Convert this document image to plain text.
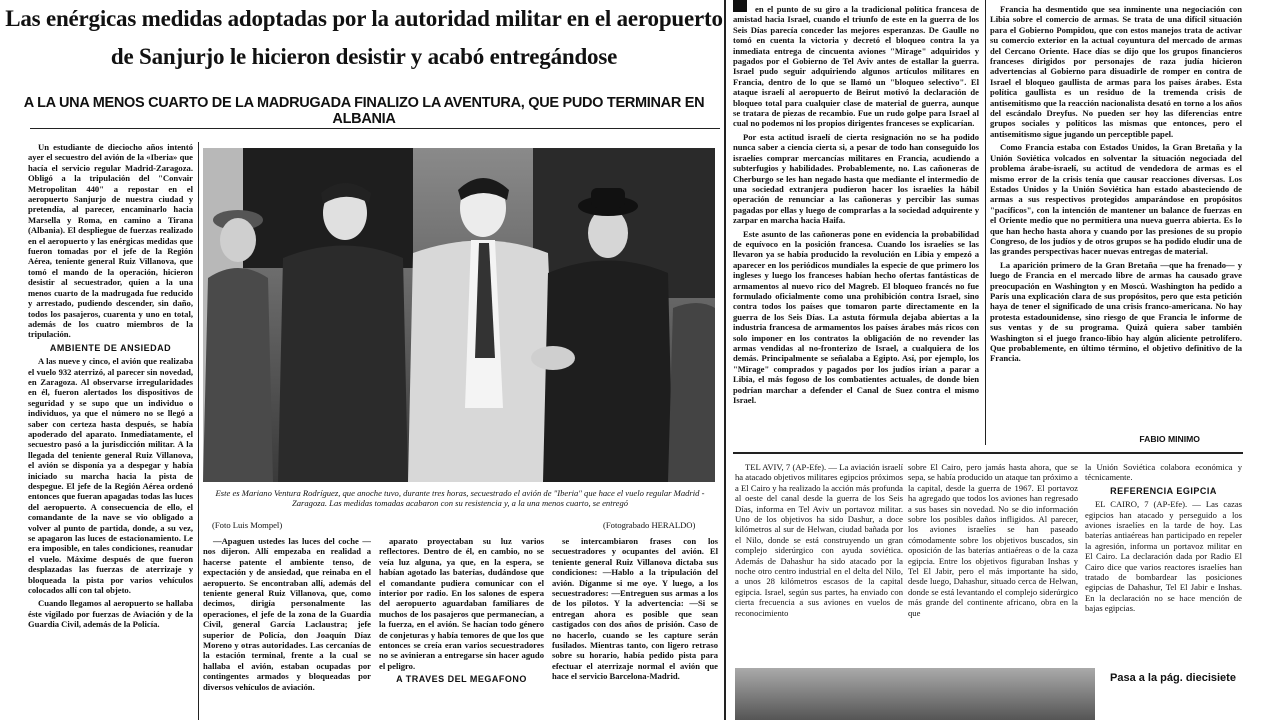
Las enérgicas medidas adoptadas por la autoridad militar en el aeropuerto
de Sanjurjo le hicieron desistir y acabó entregándose
A LA UNA MENOS CUARTO DE LA MADRUGADA FINALIZO LA AVENTURA, QUE PUDO TERMINAR EN ALBANIA

Un estudiante de dieciocho años intentó ayer el secuestro del avión de la «Iberia» que hacía el servicio regular Madrid-Zaragoza. Obligó a la tripulación del "Convair Metropolitan 440" a repostar en el aeropuerto Sanjurjo de nuestra ciudad y pretendía, al parecer, encaminarlo hacia Marsella y Roma, en camino a Tirana (Albania). El despliegue de fuerzas realizado en el aeropuerto y las enérgicas medidas que fueron tomadas por el jefe de la Región Aérea, teniente general Ruiz Villanova, que tomó el mando de la operación, hicieron desistir al secuestrador, quien a la una menos cuarto de la madrugada fue reducido y arrestado, pudiendo descender, sin daño, todos los pasajeros, cuarenta y uno en total, además de los cuatro miembros de la tripulación.

AMBIENTE DE ANSIEDAD

A las nueve y cinco, el avión que realizaba el vuelo 932 aterrizó, al parecer sin novedad, en Zaragoza. Al observarse irregularidades en él, fueron alertados los dispositivos de seguridad y se supo que un individuo o individuos, ya que el número no se llegó a saber con certeza hasta después, se había apoderado del aparato. Inmediatamente, el secuestro pasó a la jurisdicción militar. A la llegada del teniente general Ruiz Villanova, el avión se disponía ya a despegar y había iniciado su marcha hacia la pista de despegue. El jefe de la Región Aérea ordenó entonces que fueran apagadas todas las luces del aeropuerto. A consecuencia de ello, el comandante de la nave se vio obligado a volver al punto de partida, donde, a su vez, se apagaron las luces de estacionamiento. Le era imposible, en tales condiciones, reanudar el vuelo. Máxime después de que fueron desplazadas las fuerzas de aterrizaje y bloqueada la pista por varios vehículos colocados allí con tal objeto.

Cuando llegamos al aeropuerto se hallaba éste vigilado por fuerzas de Aviación y de la Guardia Civil, además de la Policía.

Este es Mariano Ventura Rodríguez, que anoche tuvo, durante tres horas, secuestrado el avión de "Iberia" que hace el vuelo regular Madrid - Zaragoza. Las medidas tomadas acabaron con su resistencia y, a la una menos cuarto, se entregó
(Foto Luis Mompel)	(Fotograbado HERALDO)

—Apaguen ustedes las luces del coche —nos dijeron. Allí empezaba en realidad a hacerse patente el ambiente tenso, de expectación y de ansiedad, que reinaba en el aeropuerto. Se encontraban allí, además del teniente general Ruiz Villanova, que, como decimos, dirigía personalmente las operaciones, el jefe de la zona de la Guardia Civil, general García Laclaustra; jefe superior de Policía, don Joaquín Díaz Moreno y otras autoridades. Las cercanías de la estación terminal, frente a la cual se hallaba el avión, estaban ocupadas por contingentes armados y bloqueadas por diversos vehículos de aviación.

aparato proyectaban su luz varios reflectores. Dentro de él, en cambio, no se veía luz alguna, ya que, en la espera, se habían agotado las baterías, dudándose que el comandante pudiera comunicar con el interior por radio. En los salones de espera del aeropuerto aguardaban familiares de muchos de los pasajeros que permanecían, a la fuerza, en el avión. Se hacían todo género de conjeturas y había temores de que los que entonces se creía eran varios secuestradores no se avinieran a entregarse sin hacer agudo el peligro.

A TRAVES DEL MEGAFONO

se intercambiaron frases con los secuestradores y ocupantes del avión. El teniente general Ruiz Villanova dictaba sus condiciones: —Hablo a la tripulación del avión. Díganme si me oye. Y luego, a los secuestradores: —Entreguen sus armas a los de los pilotos. Y la advertencia: —Si se entregan ahora es posible que sean castigados con dos años de prisión. Caso de no hacerlo, cuando se les capture serán fusilados. Mientras tanto, con ligero retraso sobre su horario, había pedido pista para efectuar el aterrizaje normal el avión que hace el servicio Barcelona-Madrid.

en el punto de su giro a la tradicional política francesa de amistad hacia Israel, cuando el triunfo de este en la guerra de los Seis Días parecía conceder las mejores esperanzas. De Gaulle no tomó en cuenta la victoria y decretó el bloqueo contra la ya inmediata entrega de cincuenta aviones "Mirage" adquiridos y pagados por el Gobierno de Tel Aviv antes de estallar la guerra. Israel pudo seguir adquiriendo algunos artículos militares en Francia, dentro de lo que se llamó un "bloqueo selectivo". El ataque israelí al aeropuerto de Beirut motivó la declaración de bloqueo total para cualquier clase de material de guerra, aunque se tratara de piezas de recambio. Fue un rudo golpe para Israel al cual no podemos ni los propios dirigentes franceses se explicarían.

Por esta actitud israelí de cierta resignación no se ha podido nunca saber a ciencia cierta si, a pesar de todo han conseguido los israelíes comprar mercancías militares en Francia, acudiendo a subterfugios y habilidades. Probablemente, no. Las cañoneras de Cherburgo se les han negado hasta que mediante el intermedio de una sociedad extranjera pudieron hacer los israelíes la hábil operación de renunciar a las cañoneras y percibir las sumas pagadas por ellas y luego de comprarlas a la sociedad adquirente y zarpar en marcha hacia Haifa.

Este asunto de las cañoneras pone en evidencia la probabilidad de equívoco en la posición francesa. Cuando los israelíes se las llevaron ya se había producido la revolución en Libia y empezó a aparecer en los periódicos mundiales la especie de que primero los ingleses y luego los franceses habían hecho ofertas fantásticas de armamentos al nuevo rico del Magreb. El bloqueo francés no fue formulado oficialmente como una prohibición contra Israel, sino contra todos los países que tomaron parte directamente en la guerra de los Seis Días. La astuta fórmula dejaba abiertas a la industria francesa de armamentos los países árabes más ricos con solo imponer en los contratos la obligación de no revender las armas vendidas al no-fronterizo de Israel, a cualquiera de los demás. Principalmente se señalaba a Egipto. Así, por ejemplo, los "Mirage" comprados y pagados por los judíos irían a parar a Libia, el más fogoso de los combatientes actuales, de donde bien podrían marchar a defender el Canal de Suez contra el mismo Israel.

Francia ha desmentido que sea inminente una negociación con Libia sobre el comercio de armas. Se trata de una difícil situación para el Gobierno Pompidou, que con estos manejos trata de activar su comercio exterior en la actual coyuntura del mercado de armas del Cercano Oriente. Hace días se dijo que los grupos financieros franceses dirigidos por personajes de raza judía hicieron advertencias al Gobierno para disuadirle de romper en contra de Israel el bloqueo gaullista de armas para los países árabes. Esta política gaullista es un residuo de la tremenda crisis de antisemitismo que la reacción nacionalista desató en torno a los años del escándalo Dreyfus. No pueden ser hoy las diferencias entre grupos sociales y políticos las mismas que entonces, pero el antisemitismo sigue jugando un perceptible papel.

Como Francia estaba con Estados Unidos, la Gran Bretaña y la Unión Soviética volcados en solventar la situación negociada del problema árabe-israelí, su actitud de vendedora de armas es el mismo error de la crisis tenía que causar reacciones diversas. Los Estados Unidos y la Unión Soviética han estado abasteciendo de armas a sus respectivos protegidos amparándose en propósitos "pacíficos", con la intención de mantener un balance de fuerzas en el Oriente medio que no permitiera una nueva guerra abierta. Es lo que han hecho hasta ahora y cuando por las presiones de su propio Congreso, de los judíos y de otros grupos se ha podido eludir una de las grandes perspectivas hacer nuevas entregas de material.

La aparición primero de la Gran Bretaña —que ha frenado— y luego de Francia en el mercado libre de armas ha causado grave preocupación en Washington y en Moscú. Washington ha pedido a París una explicación clara de sus propósitos, pero que esta petición haya de tener el significado de una crisis franco-americana. No hay protesta estadounidense, sino riesgo de que Francia le informe de sus ventas y de su programa. Quizá quiera saber también Washington si el juego franco-libio hay algún aliciente petrolífero. Que probablemente, en último término, el objetivo definitivo de la Francia.

FABIO MINIMO

TEL AVIV, 7 (AP-Efe). — La aviación israelí ha atacado objetivos militares egipcios próximos a El Cairo y ha realizado la acción más profunda al oeste del canal desde la guerra de los Seis Días, informa en Tel Aviv un portavoz militar. Uno de los objetivos ha sido Dashur, a doce kilómetros al sur de Helwan, ciudad bañada por el Nilo, donde se está construyendo un gran complejo siderúrgico con ayuda soviética. Además de Dahashur ha sido atacado por la noche otro centro industrial en el delta del Nilo, a unos 28 kilómetros escasos de la capital egipcia. Israel, según sus partes, ha enviado con cierta frecuencia a sus aviones en vuelos de reconocimiento

sobre El Cairo, pero jamás hasta ahora, que se sepa, se había producido un ataque tan próximo a la capital, desde la guerra de 1967. El portavoz ha agregado que todos los aviones han regresado a sus bases sin novedad. No se dio información sobre los posibles daños infligidos. Al parecer, los aviones israelíes se han paseado cómodamente sobre los objetivos buscados, sin oposición de las baterías antiaéreas o de la caza egipcia. Entre los objetivos figuraban Inshas y Tel El Jabir, pero el más importante ha sido, desde luego, Dahashur, situado cerca de Helwan, donde se está levantando el complejo siderúrgico más grande del continente africano, obra en la que

la Unión Soviética colabora económica y técnicamente.

REFERENCIA EGIPCIA

EL CAIRO, 7 (AP-Efe). — Las cazas egipcios han atacado y perseguido a los aviones israelíes en la tarde de hoy. Las baterías antiaéreas han participado en repeler la agresión, informa un portavoz militar en El Cairo. La declaración dada por Radio El Cairo dice que varios reactores israelíes han tratado de bombardear las posiciones egipcias de Dahashur, Tel El Jabir e Inshas. En la declaración no se hace mención de bajas egipcias.

Pasa a la pág. diecisiete
